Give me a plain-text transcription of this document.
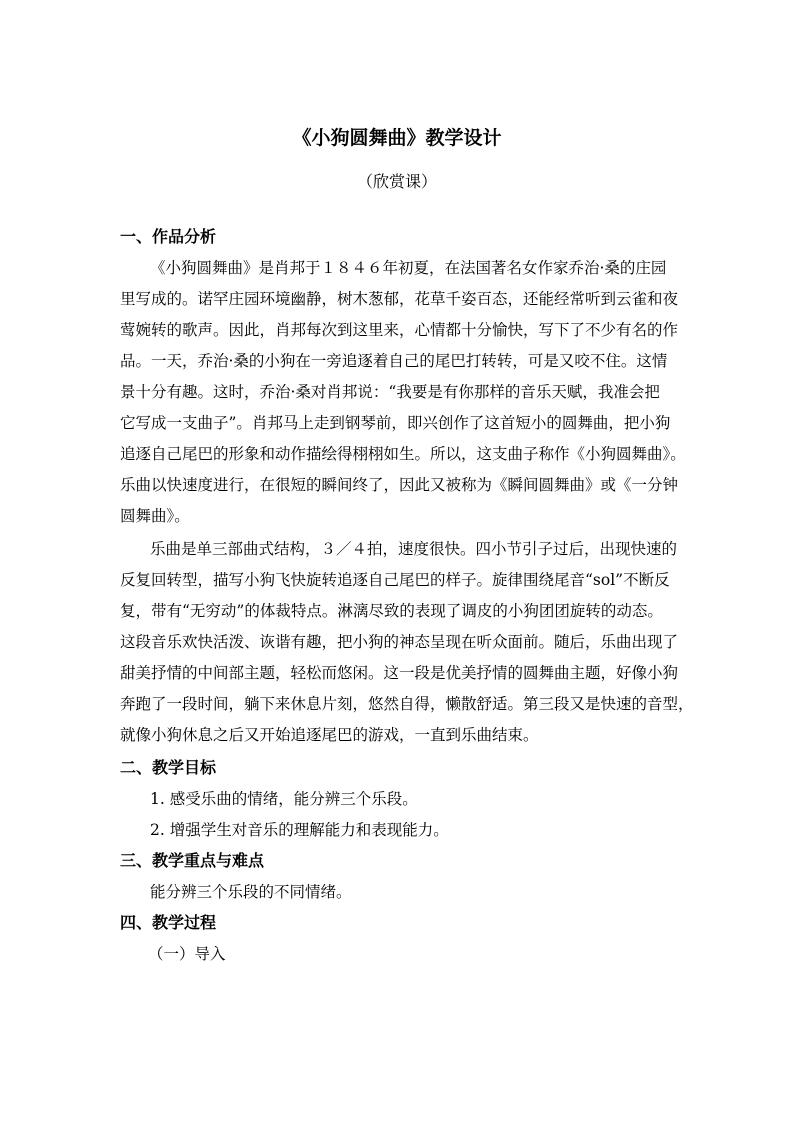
《小狗圆舞曲》教学设计
（欣赏课）
一、作品分析
《小狗圆舞曲》是肖邦于１８４６年初夏，在法国著名女作家乔治·桑的庄园
里写成的。诺罕庄园环境幽静，树木葱郁，花草千姿百态，还能经常听到云雀和夜
莺婉转的歌声。因此，肖邦每次到这里来，心情都十分愉快，写下了不少有名的作
品。一天，乔治·桑的小狗在一旁追逐着自己的尾巴打转转，可是又咬不住。这情
景十分有趣。这时，乔治·桑对肖邦说：“我要是有你那样的音乐天赋，我准会把
它写成一支曲子”。肖邦马上走到钢琴前，即兴创作了这首短小的圆舞曲，把小狗
追逐自己尾巴的形象和动作描绘得栩栩如生。所以，这支曲子称作《小狗圆舞曲》。
乐曲以快速度进行，在很短的瞬间终了，因此又被称为《瞬间圆舞曲》或《一分钟
圆舞曲》。
乐曲是单三部曲式结构，３／４拍，速度很快。四小节引子过后，出现快速的
反复回转型，描写小狗飞快旋转追逐自己尾巴的样子。旋律围绕尾音“sol”不断反
复，带有“无穷动”的体裁特点。淋漓尽致的表现了调皮的小狗团团旋转的动态。
这段音乐欢快活泼、诙谐有趣，把小狗的神态呈现在听众面前。随后，乐曲出现了
甜美抒情的中间部主题，轻松而悠闲。这一段是优美抒情的圆舞曲主题，好像小狗
奔跑了一段时间，躺下来休息片刻，悠然自得，懒散舒适。第三段又是快速的音型，
就像小狗休息之后又开始追逐尾巴的游戏，一直到乐曲结束。
二、教学目标
1. 感受乐曲的情绪，能分辨三个乐段。
2. 增强学生对音乐的理解能力和表现能力。
三、教学重点与难点
能分辨三个乐段的不同情绪。
四、教学过程
（一）导入
